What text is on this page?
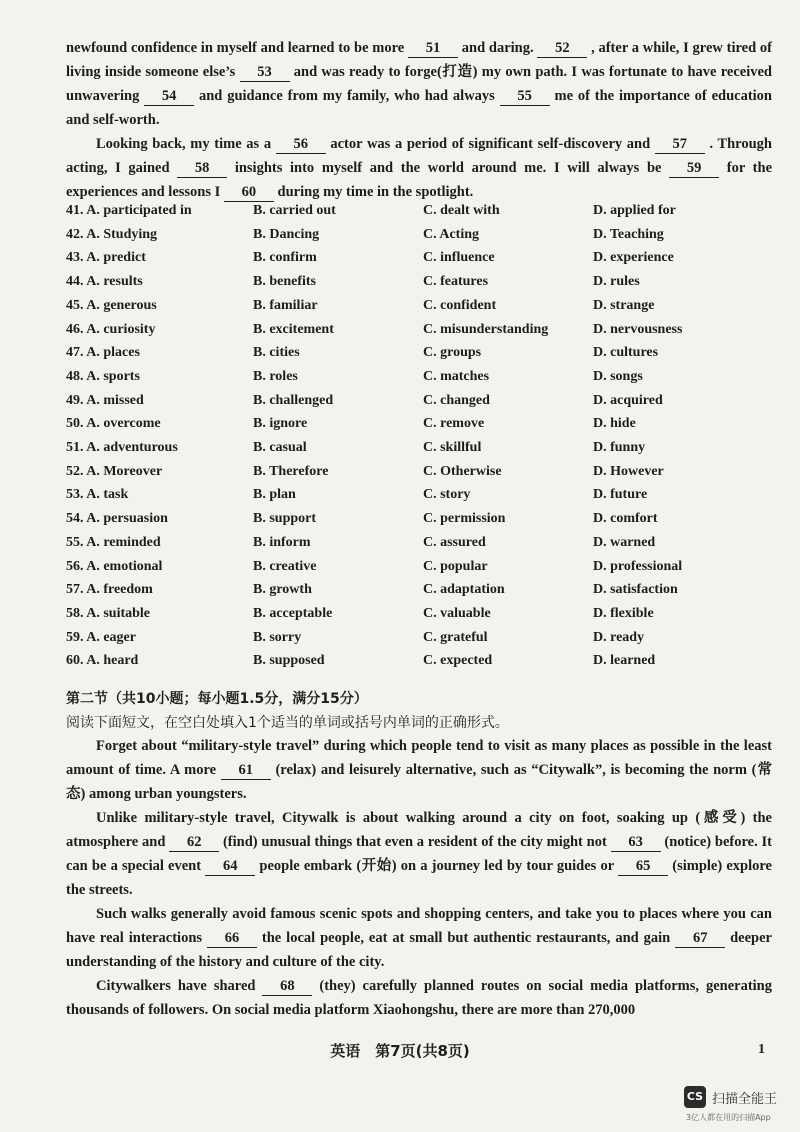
newfound confidence in myself and learned to be more 51 and daring. 52 , after a while, I grew tired of living inside someone else’s 53 and was ready to forge(打造) my own path. I was fortunate to have received unwavering 54 and guidance from my family, who had always 55 me of the importance of education and self-worth.
Looking back, my time as a 56 actor was a period of significant self-discovery and 57 . Through acting, I gained 58 insights into myself and the world around me. I will always be 59 for the experiences and lessons I 60 during my time in the spotlight.
41. A. participated in	B. carried out	C. dealt with	D. applied for
42. A. Studying	B. Dancing	C. Acting	D. Teaching
43. A. predict	B. confirm	C. influence	D. experience
44. A. results	B. benefits	C. features	D. rules
45. A. generous	B. familiar	C. confident	D. strange
46. A. curiosity	B. excitement	C. misunderstanding	D. nervousness
47. A. places	B. cities	C. groups	D. cultures
48. A. sports	B. roles	C. matches	D. songs
49. A. missed	B. challenged	C. changed	D. acquired
50. A. overcome	B. ignore	C. remove	D. hide
51. A. adventurous	B. casual	C. skillful	D. funny
52. A. Moreover	B. Therefore	C. Otherwise	D. However
53. A. task	B. plan	C. story	D. future
54. A. persuasion	B. support	C. permission	D. comfort
55. A. reminded	B. inform	C. assured	D. warned
56. A. emotional	B. creative	C. popular	D. professional
57. A. freedom	B. growth	C. adaptation	D. satisfaction
58. A. suitable	B. acceptable	C. valuable	D. flexible
59. A. eager	B. sorry	C. grateful	D. ready
60. A. heard	B. supposed	C. expected	D. learned
第二节（共10小题；每小题1.5分，满分15分）
阅读下面短文，在空白处填入1个适当的单词或括号内单词的正确形式。
Forget about “military-style travel” during which people tend to visit as many places as possible in the least amount of time. A more 61 (relax) and leisurely alternative, such as “Citywalk”, is becoming the norm (常态) among urban youngsters.
Unlike military-style travel, Citywalk is about walking around a city on foot, soaking up (感受) the atmosphere and 62 (find) unusual things that even a resident of the city might not 63 (notice) before. It can be a special event 64 people embark (开始) on a journey led by tour guides or 65 (simple) explore the streets.
Such walks generally avoid famous scenic spots and shopping centers, and take you to places where you can have real interactions 66 the local people, eat at small but authentic restaurants, and gain 67 deeper understanding of the history and culture of the city.
Citywalkers have shared 68 (they) carefully planned routes on social media platforms, generating thousands of followers. On social media platform Xiaohongshu, there are more than 270,000
英语　第7页(共8页)	1
CS 扫描全能王
3亿人都在用的扫描App
